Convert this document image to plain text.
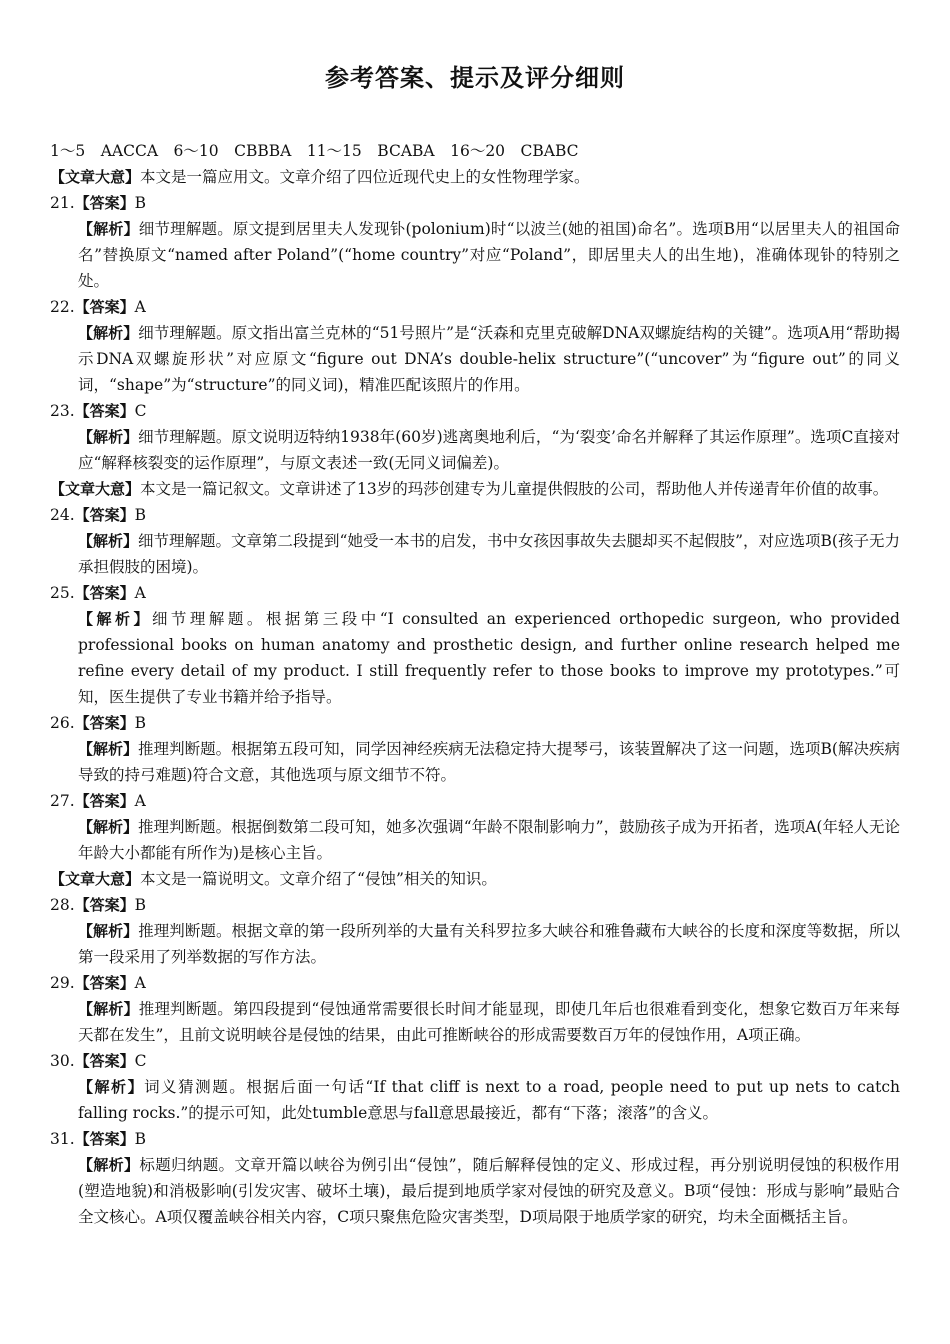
参考答案、提示及评分细则

1～5　AACCA　6～10　CBBBA　11～15　BCABA　16～20　CBABC

【文章大意】本文是一篇应用文。文章介绍了四位近现代史上的女性物理学家。

21.【答案】B

【解析】细节理解题。原文提到居里夫人发现钋(polonium)时“以波兰(她的祖国)命名”。选项B用“以居里夫人的祖国命名”替换原文“named after Poland”(“home country”对应“Poland”，即居里夫人的出生地)，准确体现钋的特别之处。

22.【答案】A

【解析】细节理解题。原文指出富兰克林的“51号照片”是“沃森和克里克破解DNA双螺旋结构的关键”。选项A用“帮助揭示DNA双螺旋形状”对应原文“figure out DNA’s double-helix structure”(“uncover”为“figure out”的同义词，“shape”为“structure”的同义词)，精准匹配该照片的作用。

23.【答案】C

【解析】细节理解题。原文说明迈特纳1938年(60岁)逃离奥地利后，“为‘裂变’命名并解释了其运作原理”。选项C直接对应“解释核裂变的运作原理”，与原文表述一致(无同义词偏差)。

【文章大意】本文是一篇记叙文。文章讲述了13岁的玛莎创建专为儿童提供假肢的公司，帮助他人并传递青年价值的故事。

24.【答案】B

【解析】细节理解题。文章第二段提到“她受一本书的启发，书中女孩因事故失去腿却买不起假肢”，对应选项B(孩子无力承担假肢的困境)。

25.【答案】A

【解析】细节理解题。根据第三段中“I consulted an experienced orthopedic surgeon, who provided professional books on human anatomy and prosthetic design, and further online research helped me refine every detail of my product. I still frequently refer to those books to improve my prototypes.”可知，医生提供了专业书籍并给予指导。

26.【答案】B

【解析】推理判断题。根据第五段可知，同学因神经疾病无法稳定持大提琴弓，该装置解决了这一问题，选项B(解决疾病导致的持弓难题)符合文意，其他选项与原文细节不符。

27.【答案】A

【解析】推理判断题。根据倒数第二段可知，她多次强调“年龄不限制影响力”，鼓励孩子成为开拓者，选项A(年轻人无论年龄大小都能有所作为)是核心主旨。

【文章大意】本文是一篇说明文。文章介绍了“侵蚀”相关的知识。

28.【答案】B

【解析】推理判断题。根据文章的第一段所列举的大量有关科罗拉多大峡谷和雅鲁藏布大峡谷的长度和深度等数据，所以第一段采用了列举数据的写作方法。

29.【答案】A

【解析】推理判断题。第四段提到“侵蚀通常需要很长时间才能显现，即使几年后也很难看到变化，想象它数百万年来每天都在发生”，且前文说明峡谷是侵蚀的结果，由此可推断峡谷的形成需要数百万年的侵蚀作用，A项正确。

30.【答案】C

【解析】词义猜测题。根据后面一句话“If that cliff is next to a road, people need to put up nets to catch falling rocks.”的提示可知，此处tumble意思与fall意思最接近，都有“下落；滚落”的含义。

31.【答案】B

【解析】标题归纳题。文章开篇以峡谷为例引出“侵蚀”，随后解释侵蚀的定义、形成过程，再分别说明侵蚀的积极作用(塑造地貌)和消极影响(引发灾害、破坏土壤)，最后提到地质学家对侵蚀的研究及意义。B项“侵蚀：形成与影响”最贴合全文核心。A项仅覆盖峡谷相关内容，C项只聚焦危险灾害类型，D项局限于地质学家的研究，均未全面概括主旨。
